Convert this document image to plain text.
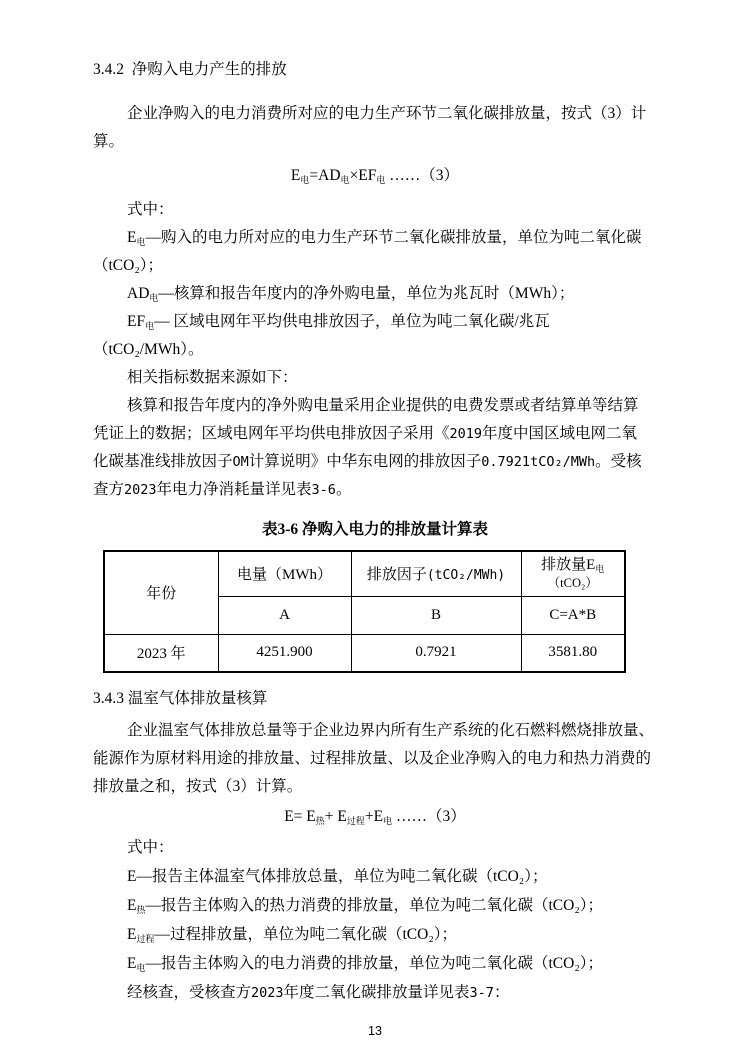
3.4.2  净购入电力产生的排放
企业净购入的电力消费所对应的电力生产环节二氧化碳排放量，按式（3）计
算。
$E_电=AD_电\times EF_电$ ……（3）
式中：
$E_电—$购入的电力所对应的电力生产环节二氧化碳排放量，单位为吨二氧化碳
（tCO₂）；
$AD_电—$核算和报告年度内的净外购电量，单位为兆瓦时（MWh）；
$EF_电—$ 区域电网年平均供电排放因子，单位为吨二氧化碳/兆瓦（tCO₂/MWh）。
相关指标数据来源如下：
核算和报告年度内的净外购电量采用企业提供的电费发票或者结算单等结算
凭证上的数据；区域电网年平均供电排放因子采用《2019年度中国区域电网二氧
化碳基准线排放因子OM计算说明》中华东电网的排放因子0.7921tCO₂/MWh。受核
查方2023年电力净消耗量详见表3-6。
表3-6 净购入电力的排放量计算表
年份	电量（MWh）	排放因子(tCO₂/MWh)	排放量$E_电$
（tCO₂）

	A	B	C=A*B
2023 年	4251.900	0.7921	3581.80
3.4.3 温室气体排放量核算
企业温室气体排放总量等于企业边界内所有生产系统的化石燃料燃烧排放量、
能源作为原材料用途的排放量、过程排放量、以及企业净购入的电力和热力消费的
排放量之和，按式（3）计算。
$E= E_热+ E_{过程}+E_电$ ……（3）
式中：
E—报告主体温室气体排放总量，单位为吨二氧化碳（tCO₂）；
$E_热—$报告主体购入的热力消费的排放量，单位为吨二氧化碳（tCO₂）；
$E_{过程}—$过程排放量，单位为吨二氧化碳（tCO₂）；
$E_电—$报告主体购入的电力消费的排放量，单位为吨二氧化碳（tCO₂）；
经核查，受核查方2023年度二氧化碳排放量详见表3-7：
13
